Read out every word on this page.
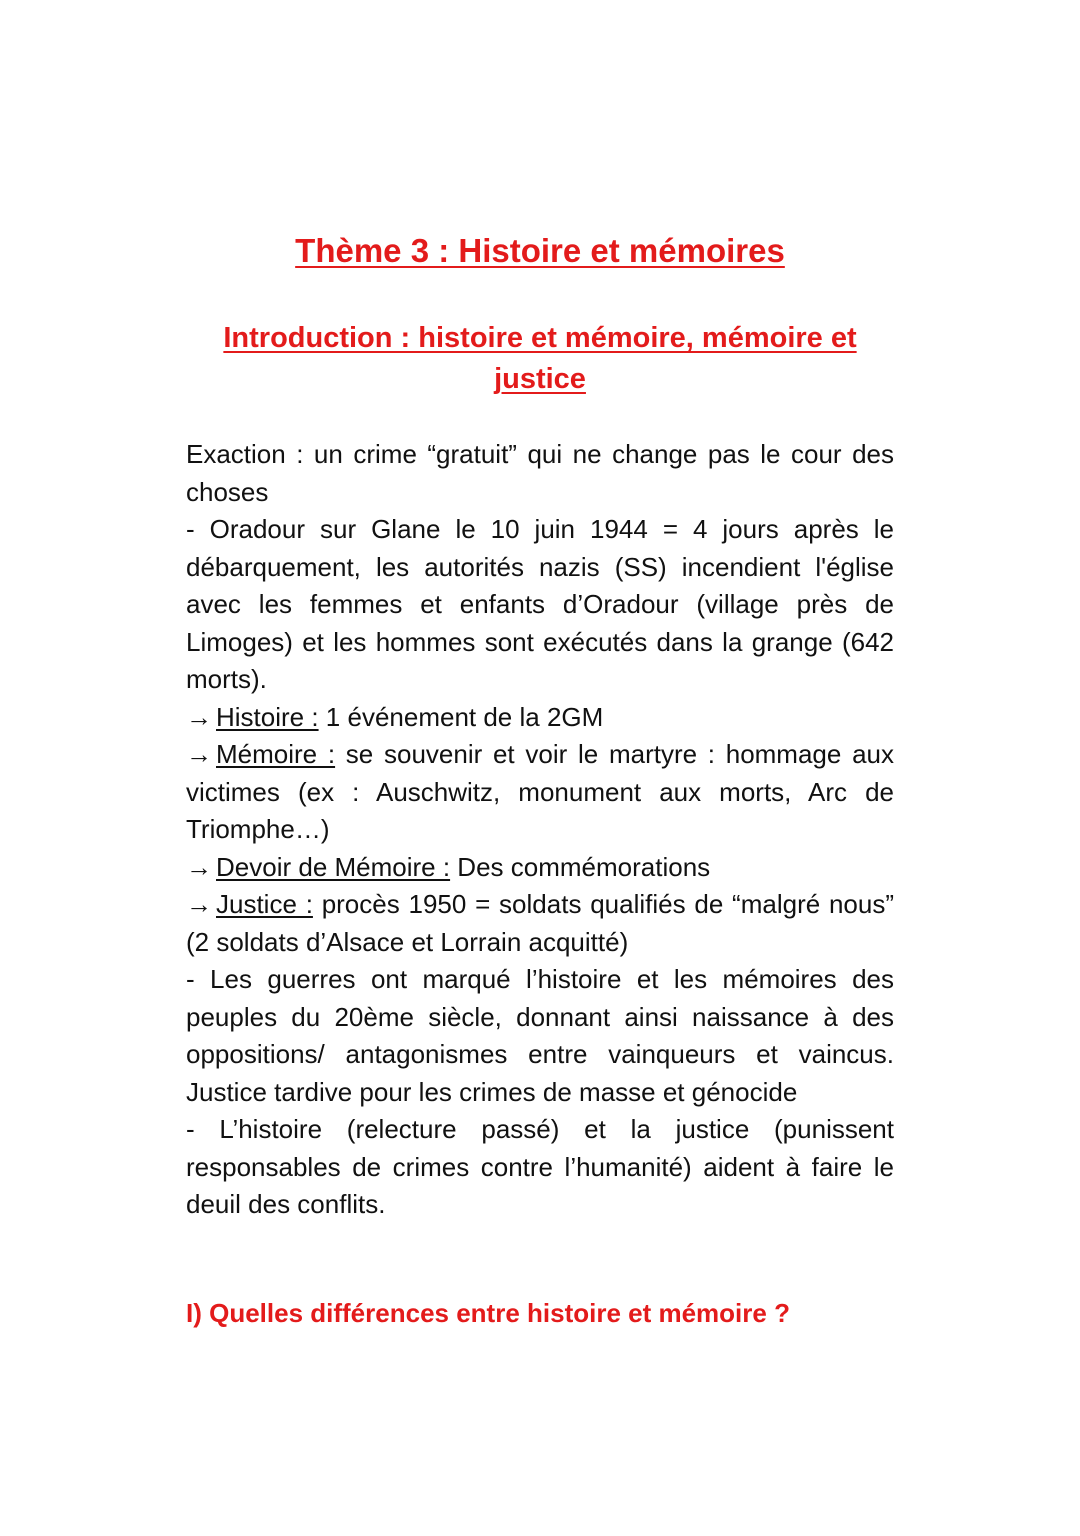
Thème 3 : Histoire et mémoires
Introduction : histoire et mémoire, mémoire et justice

Exaction : un crime “gratuit” qui ne change pas le cour des choses

- Oradour sur Glane le 10 juin 1944 = 4 jours après le débarquement, les autorités nazis (SS) incendient l'église avec les femmes et enfants d’Oradour (village près de Limoges) et les hommes sont exécutés dans la grange (642 morts).

→ Histoire : 1 événement de la 2GM

→ Mémoire : se souvenir et voir le martyre : hommage aux victimes (ex : Auschwitz, monument aux morts, Arc de Triomphe…)

→ Devoir de Mémoire : Des commémorations

→ Justice : procès 1950 = soldats qualifiés de “malgré nous” (2 soldats d’Alsace et Lorrain acquitté)

- Les guerres ont marqué l’histoire et les mémoires des peuples du 20ème siècle, donnant ainsi naissance à des oppositions/ antagonismes entre vainqueurs et vaincus. Justice tardive pour les crimes de masse et génocide

- L’histoire (relecture passé) et la justice (punissent responsables de crimes contre l’humanité) aident à faire le deuil des conflits.

I) Quelles différences entre histoire et mémoire ?
